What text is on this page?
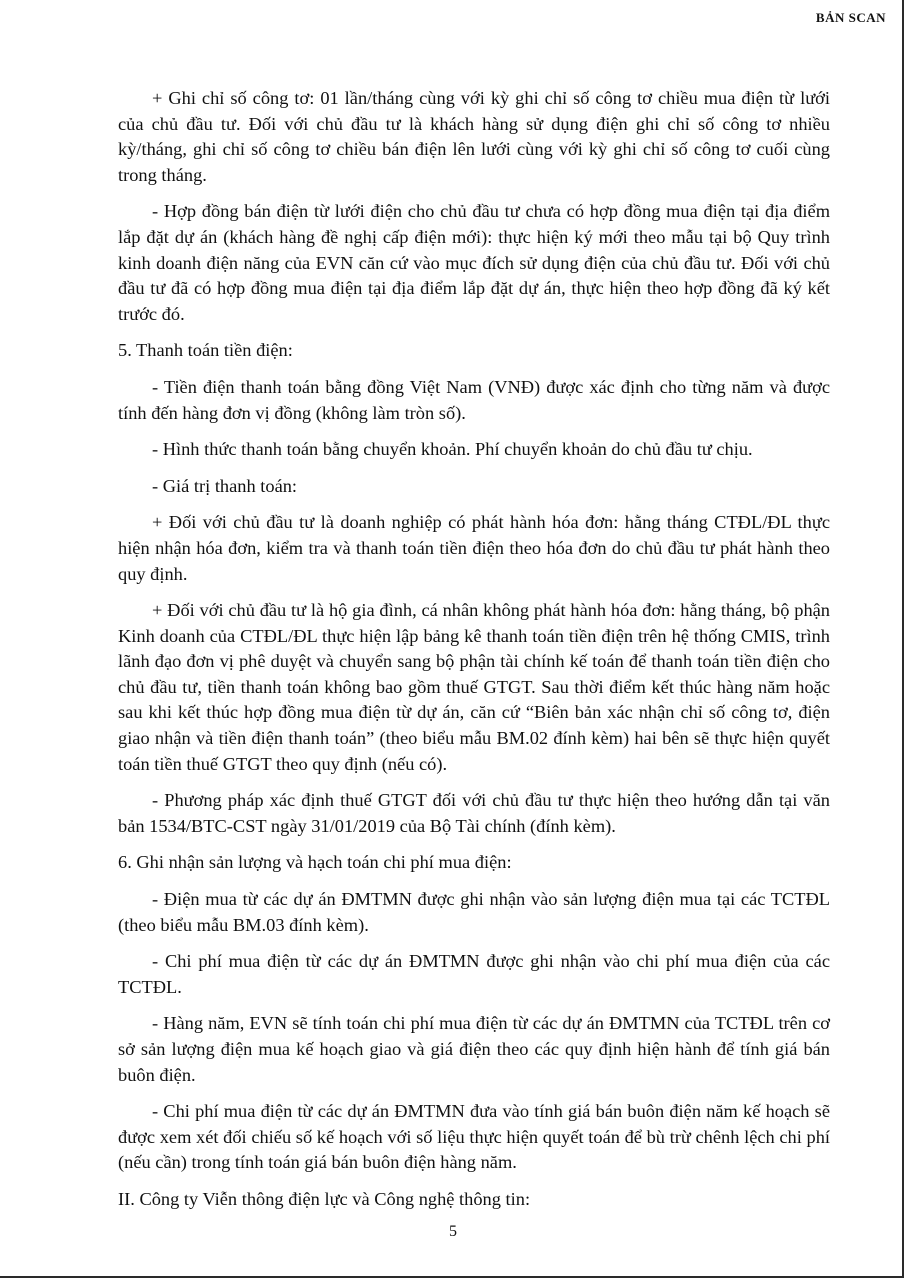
BẢN SCAN

+ Ghi chỉ số công tơ: 01 lần/tháng cùng với kỳ ghi chỉ số công tơ chiều mua điện từ lưới của chủ đầu tư. Đối với chủ đầu tư là khách hàng sử dụng điện ghi chỉ số công tơ nhiều kỳ/tháng, ghi chỉ số công tơ chiều bán điện lên lưới cùng với kỳ ghi chỉ số công tơ cuối cùng trong tháng.

- Hợp đồng bán điện từ lưới điện cho chủ đầu tư chưa có hợp đồng mua điện tại địa điểm lắp đặt dự án (khách hàng đề nghị cấp điện mới): thực hiện ký mới theo mẫu tại bộ Quy trình kinh doanh điện năng của EVN căn cứ vào mục đích sử dụng điện của chủ đầu tư. Đối với chủ đầu tư đã có hợp đồng mua điện tại địa điểm lắp đặt dự án, thực hiện theo hợp đồng đã ký kết trước đó.

5. Thanh toán tiền điện:

- Tiền điện thanh toán bằng đồng Việt Nam (VNĐ) được xác định cho từng năm và được tính đến hàng đơn vị đồng (không làm tròn số).

- Hình thức thanh toán bằng chuyển khoản. Phí chuyển khoản do chủ đầu tư chịu.

- Giá trị thanh toán:

+ Đối với chủ đầu tư là doanh nghiệp có phát hành hóa đơn: hằng tháng CTĐL/ĐL thực hiện nhận hóa đơn, kiểm tra và thanh toán tiền điện theo hóa đơn do chủ đầu tư phát hành theo quy định.

+ Đối với chủ đầu tư là hộ gia đình, cá nhân không phát hành hóa đơn: hằng tháng, bộ phận Kinh doanh của CTĐL/ĐL thực hiện lập bảng kê thanh toán tiền điện trên hệ thống CMIS, trình lãnh đạo đơn vị phê duyệt và chuyển sang bộ phận tài chính kế toán để thanh toán tiền điện cho chủ đầu tư, tiền thanh toán không bao gồm thuế GTGT. Sau thời điểm kết thúc hàng năm hoặc sau khi kết thúc hợp đồng mua điện từ dự án, căn cứ “Biên bản xác nhận chỉ số công tơ, điện giao nhận và tiền điện thanh toán” (theo biểu mẫu BM.02 đính kèm) hai bên sẽ thực hiện quyết toán tiền thuế GTGT theo quy định (nếu có).

- Phương pháp xác định thuế GTGT đối với chủ đầu tư thực hiện theo hướng dẫn tại văn bản 1534/BTC-CST ngày 31/01/2019 của Bộ Tài chính (đính kèm).

6. Ghi nhận sản lượng và hạch toán chi phí mua điện:

- Điện mua từ các dự án ĐMTMN được ghi nhận vào sản lượng điện mua tại các TCTĐL (theo biểu mẫu BM.03 đính kèm).

- Chi phí mua điện từ các dự án ĐMTMN được ghi nhận vào chi phí mua điện của các TCTĐL.

- Hàng năm, EVN sẽ tính toán chi phí mua điện từ các dự án ĐMTMN của TCTĐL trên cơ sở sản lượng điện mua kế hoạch giao và giá điện theo các quy định hiện hành để tính giá bán buôn điện.

- Chi phí mua điện từ các dự án ĐMTMN đưa vào tính giá bán buôn điện năm kế hoạch sẽ được xem xét đối chiếu số kế hoạch với số liệu thực hiện quyết toán để bù trừ chênh lệch chi phí (nếu cần) trong tính toán giá bán buôn điện hàng năm.

II. Công ty Viễn thông điện lực và Công nghệ thông tin:

5
